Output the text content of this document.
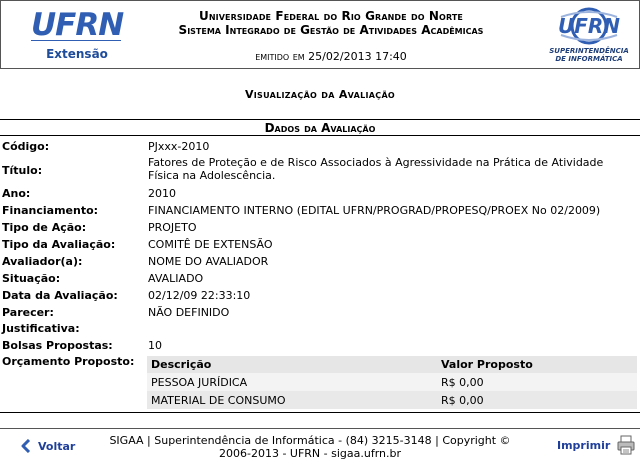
UFRN
Extensão
Universidade Federal do Rio Grande do Norte
Sistema Integrado de Gestão de Atividades Acadêmicas
emitido em 25/02/2013 17:40
UFRN
SUPERINTENDÊNCIA DE INFORMÁTICA
Visualização da Avaliação
Dados da Avaliação
Código:	PJxxx-2010
Título:
Fatores de Proteção e de Risco Associados à Agressividade na Prática de Atividade Física na Adolescência.
Ano:	2010
Financiamento:	FINANCIAMENTO INTERNO (EDITAL UFRN/PROGRAD/PROPESQ/PROEX No 02/2009)
Tipo de Ação:	PROJETO
Tipo da Avaliação:	COMITÊ DE EXTENSÃO
Avaliador(a):	NOME DO AVALIADOR
Situação:	AVALIADO
Data da Avaliação:	02/12/09 22:33:10
Parecer:	NÃO DEFINIDO
Justificativa:
Bolsas Propostas:	10
Orçamento Proposto: Descrição	Valor Proposto
PESSOA JURÍDICA	R$ 0,00
MATERIAL DE CONSUMO	R$ 0,00
Voltar	SIGAA | Superintendência de Informática - (84) 3215-3148 | Copyright ©
2006-2013 - UFRN - sigaa.ufrn.br
Imprimir
